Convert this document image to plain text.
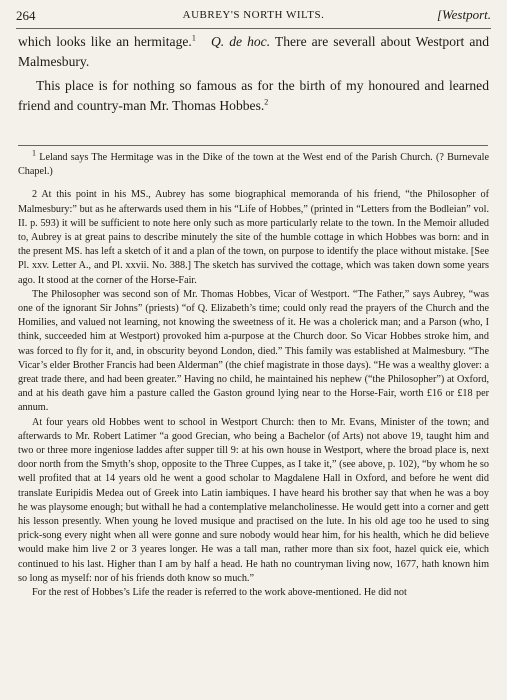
264	AUBREY'S NORTH WILTS.	[Westport.

which looks like an hermitage.$^1$ Q. de hoc. There are severall about Westport and Malmesbury.

This place is for nothing so famous as for the birth of my honoured and learned friend and country-man Mr. Thomas Hobbes.$^2$

$^1$ Leland says The Hermitage was in the Dike of the town at the West end of the Parish Church. (? Burnevale Chapel.)

2 At this point in his MS., Aubrey has some biographical memoranda of his friend, “the Philosopher of Malmesbury:” but as he afterwards used them in his “Life of Hobbes,” (printed in “Letters from the Bodleian” vol. II. p. 593) it will be sufficient to note here only such as more particularly relate to the town. In the Memoir alluded to, Aubrey is at great pains to describe minutely the site of the humble cottage in which Hobbes was born: and in the present MS. has left a sketch of it and a plan of the town, on purpose to identify the place without mistake. [See Pl. xxv. Letter A., and Pl. xxvii. No. 388.] The sketch has survived the cottage, which was taken down some years ago. It stood at the corner of the Horse-Fair.

The Philosopher was second son of Mr. Thomas Hobbes, Vicar of Westport. “The Father,” says Aubrey, “was one of the ignorant Sir Johns” (priests) “of Q. Elizabeth’s time; could only read the prayers of the Church and the Homilies, and valued not learning, not knowing the sweetness of it. He was a cholerick man; and a Parson (who, I think, succeeded him at Westport) provoked him a-purpose at the Church door. So Vicar Hobbes stroke him, and was forced to fly for it, and, in obscurity beyond London, died.” This family was established at Malmesbury. “The Vicar’s elder Brother Francis had been Alderman” (the chief magistrate in those days). “He was a wealthy glover: a great trade there, and had been greater.” Having no child, he maintained his nephew (“the Philosopher”) at Oxford, and at his death gave him a pasture called the Gaston ground lying near to the Horse-Fair, worth £16 or £18 per annum.

At four years old Hobbes went to school in Westport Church: then to Mr. Evans, Minister of the town; and afterwards to Mr. Robert Latimer “a good Grecian, who being a Bachelor (of Arts) not above 19, taught him and two or three more ingeniose laddes after supper till 9: at his own house in Westport, where the broad place is, next door north from the Smyth’s shop, opposite to the Three Cuppes, as I take it,” (see above, p. 102), “by whom he so well profited that at 14 years old he went a good scholar to Magdalene Hall in Oxford, and before he went did translate Euripidis Medea out of Greek into Latin iambiques. I have heard his brother say that when he was a boy he was playsome enough; but withall he had a contemplative melancholinesse. He would gett into a corner and gett his lesson presently. When young he loved musique and practised on the lute. In his old age too he used to sing prick-song every night when all were gonne and sure nobody would hear him, for his health, which he did believe would make him live 2 or 3 yeares longer. He was a tall man, rather more than six foot, hazel quick eie, which continued to his last. Higher than I am by half a head. He hath no countryman living now, 1677, hath known him so long as myself: nor of his friends doth know so much.”

For the rest of Hobbes’s Life the reader is referred to the work above-mentioned. He did not
